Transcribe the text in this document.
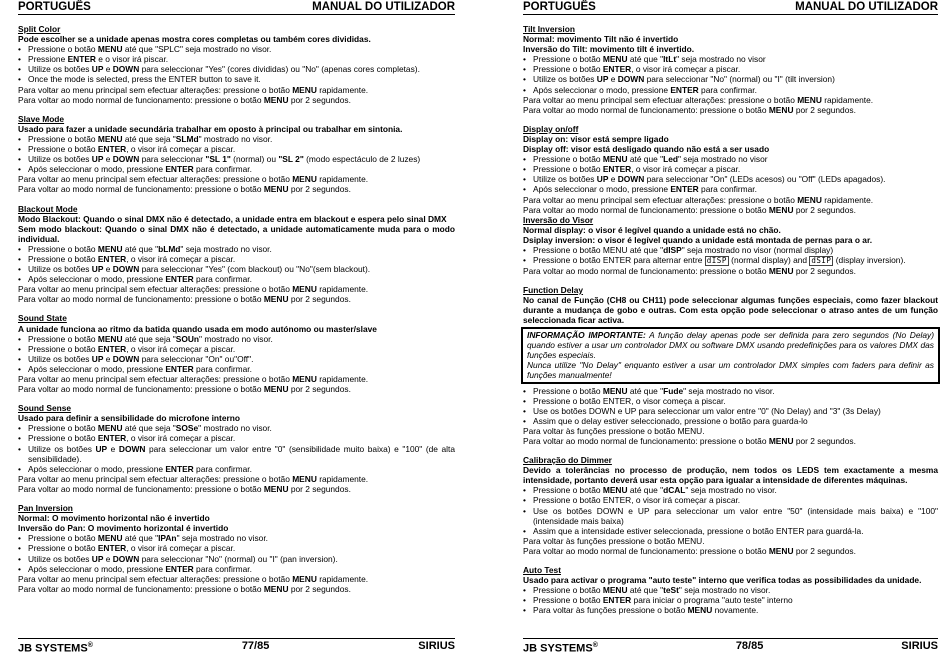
PORTUGUÊS	MANUAL DO UTILIZADOR
Split Color
Pode escolher se a unidade apenas mostra cores completas ou também cores divididas.
• Pressione o botão MENU até que "SPLC" seja mostrado no visor.
• Pressione ENTER e o visor irá piscar.
• Utilize os botões UP e DOWN para seleccionar "Yes" (cores divididas) ou "No" (apenas cores completas).
• Once the mode is selected, press the ENTER button to save it.
Para voltar ao menu principal sem efectuar alterações: pressione o botão MENU rapidamente.
Para voltar ao modo normal de funcionamento: pressione o botão MENU por 2 segundos.
Slave Mode
Usado para fazer a unidade secundária trabalhar em oposto à principal ou trabalhar em sintonia.
• Pressione o botão MENU até que seja "SLMd" mostrado no visor.
• Pressione o botão ENTER, o visor irá começar a piscar.
• Utilize os botões UP e DOWN para seleccionar "SL 1" (normal) ou "SL 2" (modo espectáculo de 2 luzes)
• Após seleccionar o modo, pressione ENTER para confirmar.
Para voltar ao menu principal sem efectuar alterações: pressione o botão MENU rapidamente.
Para voltar ao modo normal de funcionamento: pressione o botão MENU por 2 segundos.
Blackout Mode
Modo Blackout: Quando o sinal DMX não é detectado, a unidade entra em blackout e espera pelo sinal DMX
Sem modo blackout: Quando o sinal DMX não é detectado, a unidade automaticamente muda para o modo individual.
• Pressione o botão MENU até que "bLMd" seja mostrado no visor.
• Pressione o botão ENTER, o visor irá começar a piscar.
• Utilize os botões UP e DOWN para seleccionar "Yes" (com blackout) ou "No"(sem blackout).
• Após seleccionar o modo, pressione ENTER para confirmar.
Para voltar ao menu principal sem efectuar alterações: pressione o botão MENU rapidamente.
Para voltar ao modo normal de funcionamento: pressione o botão MENU por 2 segundos.
Sound State
A unidade funciona ao ritmo da batida quando usada em modo autónomo ou master/slave
• Pressione o botão MENU até que seja "SOUn" mostrado no visor.
• Pressione o botão ENTER, o visor irá começar a piscar.
• Utilize os botões UP e DOWN para seleccionar "On" ou"Off".
• Após seleccionar o modo, pressione ENTER para confirmar.
Para voltar ao menu principal sem efectuar alterações: pressione o botão MENU rapidamente.
Para voltar ao modo normal de funcionamento: pressione o botão MENU por 2 segundos.
Sound Sense
Usado para definir a sensibilidade do microfone interno
• Pressione o botão MENU até que seja "SOSe" mostrado no visor.
• Pressione o botão ENTER, o visor irá começar a piscar.
• Utilize os botões UP e DOWN para seleccionar um valor entre "0" (sensibilidade muito baixa) e "100" (de alta sensibilidade).
• Após seleccionar o modo, pressione ENTER para confirmar.
Para voltar ao menu principal sem efectuar alterações: pressione o botão MENU rapidamente.
Para voltar ao modo normal de funcionamento: pressione o botão MENU por 2 segundos.
Pan Inversion
Normal: O movimento horizontal não é invertido
Inversão do Pan: O movimento horizontal é invertido
• Pressione o botão MENU até que "IPAn" seja mostrado no visor.
• Pressione o botão ENTER, o visor irá começar a piscar.
• Utilize os botões UP e DOWN para seleccionar "No" (normal) ou "I" (pan inversion).
• Após seleccionar o modo, pressione ENTER para confirmar.
Para voltar ao menu principal sem efectuar alterações: pressione o botão MENU rapidamente.
Para voltar ao modo normal de funcionamento: pressione o botão MENU por 2 segundos.
JB SYSTEMS®	77/85	SIRIUS
PORTUGUÊS	MANUAL DO UTILIZADOR
Tilt Inversion
Normal: movimento Tilt não é invertido
Inversão do Tilt: movimento tilt é invertido.
• Pressione o botão MENU até que "ItLt" seja mostrado no visor
• Pressione o botão ENTER, o visor irá começar a piscar.
• Utilize os botões UP e DOWN para seleccionar "No" (normal) ou "I" (tilt inversion)
• Após seleccionar o modo, pressione ENTER para confirmar.
Para voltar ao menu principal sem efectuar alterações: pressione o botão MENU rapidamente.
Para voltar ao modo normal de funcionamento: pressione o botão MENU por 2 segundos.
Display on/off
Display on: visor está sempre ligado
Display off: visor está desligado quando não está a ser usado
• Pressione o botão MENU até que "Led" seja mostrado no visor
• Pressione o botão ENTER, o visor irá começar a piscar.
• Utilize os botões UP e DOWN para seleccionar "On" (LEDs acesos) ou "Off" (LEDs apagados).
• Após seleccionar o modo, pressione ENTER para confirmar.
Para voltar ao menu principal sem efectuar alterações: pressione o botão MENU rapidamente.
Para voltar ao modo normal de funcionamento: pressione o botão MENU por 2 segundos.
Inversão do Visor
Normal display: o visor é legível quando a unidade está no chão.
Dsiplay inversion: o visor é legível quando a unidade está montada de pernas para o ar.
• Pressione o botão MENU até que "dISP" seja mostrado no visor (normal display)
• Pressione o botão ENTER para alternar entre dISP (normal display) and dSIP (display inversion).
Para voltar ao modo normal de funcionamento: pressione o botão MENU por 2 segundos.
Function Delay
No canal de Função (CH8 ou CH11) pode seleccionar algumas funções especiais, como fazer blackout durante a mudança de gobo e outras. Com esta opção pode seleccionar o atraso antes de um função seleccionada ficar activa.
INFORMAÇÃO IMPORTANTE: A função delay apenas pode ser definida para zero segundos (No Delay) quando estiver a usar um controlador DMX ou software DMX usando predefinições para os valores DMX das funções especiais.
Nunca utilize "No Delay" enquanto estiver a usar um controlador DMX simples com faders para definir as funções manualmente!
• Pressione o botão MENU até que "Fude" seja mostrado no visor.
• Pressione o botão ENTER, o visor começa a piscar.
• Use os botões DOWN e UP para seleccionar um valor entre "0" (No Delay) and "3" (3s Delay)
• Assim que o delay estiver seleccionado, pressione o botão para guarda-lo
Para voltar às funções pressione o botão MENU.
Para voltar ao modo normal de funcionamento: pressione o botão MENU por 2 segundos.
Calibração do Dimmer
Devido a tolerâncias no processo de produção, nem todos os LEDS tem exactamente a mesma intensidade, portanto deverá usar esta opção para igualar a intensidade de diferentes máquinas.
• Pressione o botão MENU até que "dCAL" seja mostrado no visor.
• Pressione o botão ENTER, o visor irá começar a piscar.
• Use os botões DOWN e UP para seleccionar um valor entre "50" (intensidade mais baixa) e "100" (intensidade mais baixa)
• Assim que a intensidade estiver seleccionada, pressione o botão ENTER para guardá-la.
Para voltar às funções pressione o botão MENU.
Para voltar ao modo normal de funcionamento: pressione o botão MENU por 2 segundos.
Auto Test
Usado para activar o programa "auto teste" interno que verifica todas as possibilidades da unidade.
• Pressione o botão MENU até que "teSt" seja mostrado no visor.
• Pressione o botão ENTER para iniciar o programa "auto teste" interno
• Para voltar às funções pressione o botão MENU novamente.
JB SYSTEMS®	78/85	SIRIUS
